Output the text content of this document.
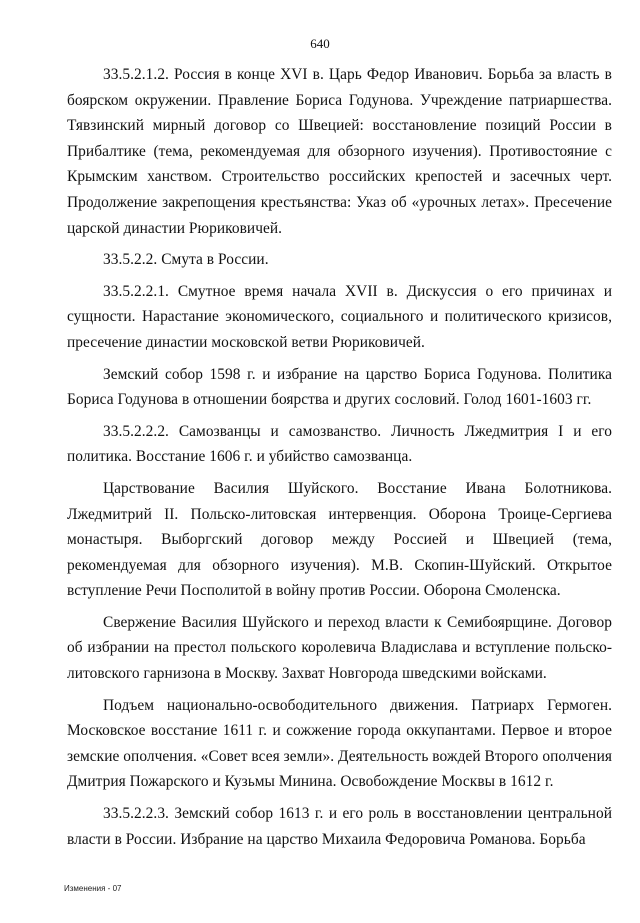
640

33.5.2.1.2. Россия в конце XVI в. Царь Федор Иванович. Борьба за власть в боярском окружении. Правление Бориса Годунова. Учреждение патриаршества. Тявзинский мирный договор со Швецией: восстановление позиций России в Прибалтике (тема, рекомендуемая для обзорного изучения). Противостояние с Крымским ханством. Строительство российских крепостей и засечных черт. Продолжение закрепощения крестьянства: Указ об «урочных летах». Пресечение царской династии Рюриковичей.

33.5.2.2. Смута в России.

33.5.2.2.1. Смутное время начала XVII в. Дискуссия о его причинах и сущности. Нарастание экономического, социального и политического кризисов, пресечение династии московской ветви Рюриковичей.

Земский собор 1598 г. и избрание на царство Бориса Годунова. Политика Бориса Годунова в отношении боярства и других сословий. Голод 1601-1603 гг.

33.5.2.2.2. Самозванцы и самозванство. Личность Лжедмитрия I и его политика. Восстание 1606 г. и убийство самозванца.

Царствование Василия Шуйского. Восстание Ивана Болотникова. Лжедмитрий II. Польско-литовская интервенция. Оборона Троице-Сергиева монастыря. Выборгский договор между Россией и Швецией (тема, рекомендуемая для обзорного изучения). М.В. Скопин-Шуйский. Открытое вступление Речи Посполитой в войну против России. Оборона Смоленска.

Свержение Василия Шуйского и переход власти к Семибоярщине. Договор об избрании на престол польского королевича Владислава и вступление польско-литовского гарнизона в Москву. Захват Новгорода шведскими войсками.

Подъем национально-освободительного движения. Патриарх Гермоген. Московское восстание 1611 г. и сожжение города оккупантами. Первое и второе земские ополчения. «Совет всея земли». Деятельность вождей Второго ополчения Дмитрия Пожарского и Кузьмы Минина. Освобождение Москвы в 1612 г.

33.5.2.2.3. Земский собор 1613 г. и его роль в восстановлении центральной власти в России. Избрание на царство Михаила Федоровича Романова. Борьба

Изменения - 07
